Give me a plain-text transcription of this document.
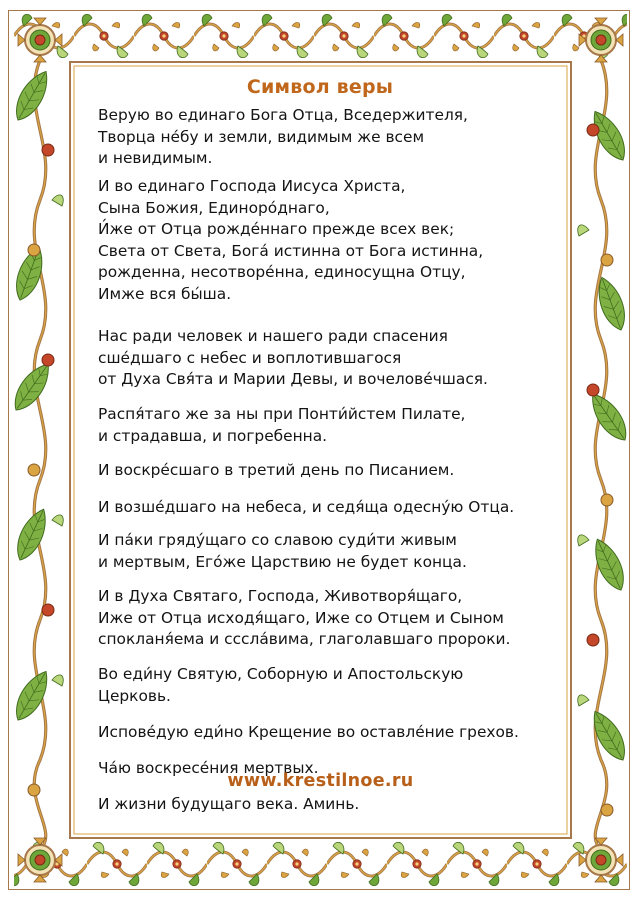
Символ веры
Верую во единаго Бога Отца, Вседержителя,
Творца не́бу и земли, видимым же всем
и невидимым.
И во единаго Господа Иисуса Христа,
Сына Божия, Единоро́днаго,
И́же от Отца рожде́ннаго прежде всех век;
Света от Света, Бога́ истинна от Бога истинна,
рожденна, несотворе́нна, единосущна Отцу,
Имже вся бы́ша.
Нас ради человек и нашего ради спасения
сше́дшаго с небес и воплотившагося
от Духа Свя́та и Марии Девы, и вочелове́чшася.
Распя́таго же за ны при Понти́йстем Пилате,
и страдавша, и погребенна.
И воскре́сшаго в третий день по Писанием.
И возше́дшаго на небеса, и седя́ща одесну́ю Отца.
И па́ки гряду́щаго со славою суди́ти живым
и мертвым, Его́же Царствию не будет конца.
И в Духа Святаго, Господа, Животворя́щаго,
Иже от Отца исходя́щаго, Иже со Отцем и Сыном
спокланя́ема и сссла́вима, глаголавшаго пророки.
Во еди́ну Святую, Соборную и Апостольскую
Церковь.
Испове́дую еди́но Крещение во оставле́ние грехов.
Ча́ю воскресе́ния мертвых.
И жизни будущаго века. Аминь.
www.krestilnoe.ru
